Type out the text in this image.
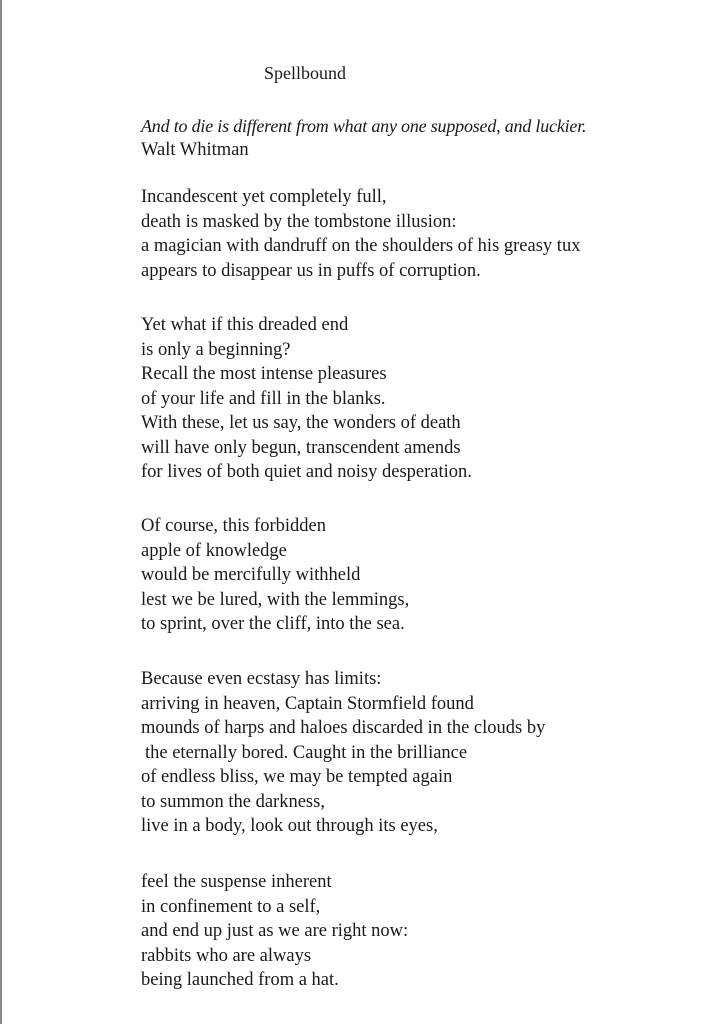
Spellbound
And to die is different from what any one supposed, and luckier.
Walt Whitman
Incandescent yet completely full,
death is masked by the tombstone illusion:
a magician with dandruff on the shoulders of his greasy tux
appears to disappear us in puffs of corruption.
Yet what if this dreaded end
is only a beginning?
Recall the most intense pleasures
of your life and fill in the blanks.
With these, let us say, the wonders of death
will have only begun, transcendent amends
for lives of both quiet and noisy desperation.
Of course, this forbidden
apple of knowledge
would be mercifully withheld
lest we be lured, with the lemmings,
to sprint, over the cliff, into the sea.
Because even ecstasy has limits:
arriving in heaven, Captain Stormfield found
mounds of harps and haloes discarded in the clouds by
the eternally bored. Caught in the brilliance
of endless bliss, we may be tempted again
to summon the darkness,
live in a body, look out through its eyes,
feel the suspense inherent
in confinement to a self,
and end up just as we are right now:
rabbits who are always
being launched from a hat.
